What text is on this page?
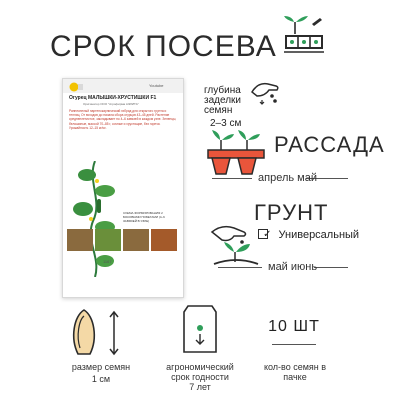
СРОК ПОСЕВА
Youtube
Огурец МАЛЫШКИ-ХРУСТИШКИ F1
Оригинатор ООО "Агрофирма АЭЛИТА"
Раннеспелый партенокарпический гибрид для открытого грунта и теплиц. От всходов до начала сбора огурцов 43–45 дней. Растение среднеплетистое, закладывает по 4–6 завязей в каждом узле. Зеленцы, белошипые, массой 70–85 г, сочные и хрустящие, без горечи. Урожайность 12–15 кг/м².
СХЕМА ФОРМИРОВАНИЯ 2 БОКОВЫМИ ПОБЕГАМИ (4–6 ЗАВЯЗЕЙ В УЗЛЕ)
1167
глубина заделки семян
2–3 см
РАССАДА
апрель май
ГРУНТ
✓ Универсальный
май июнь
10 ШТ
размер семян
1 см
агрономический срок годности
7 лет
кол-во семян в пачке
